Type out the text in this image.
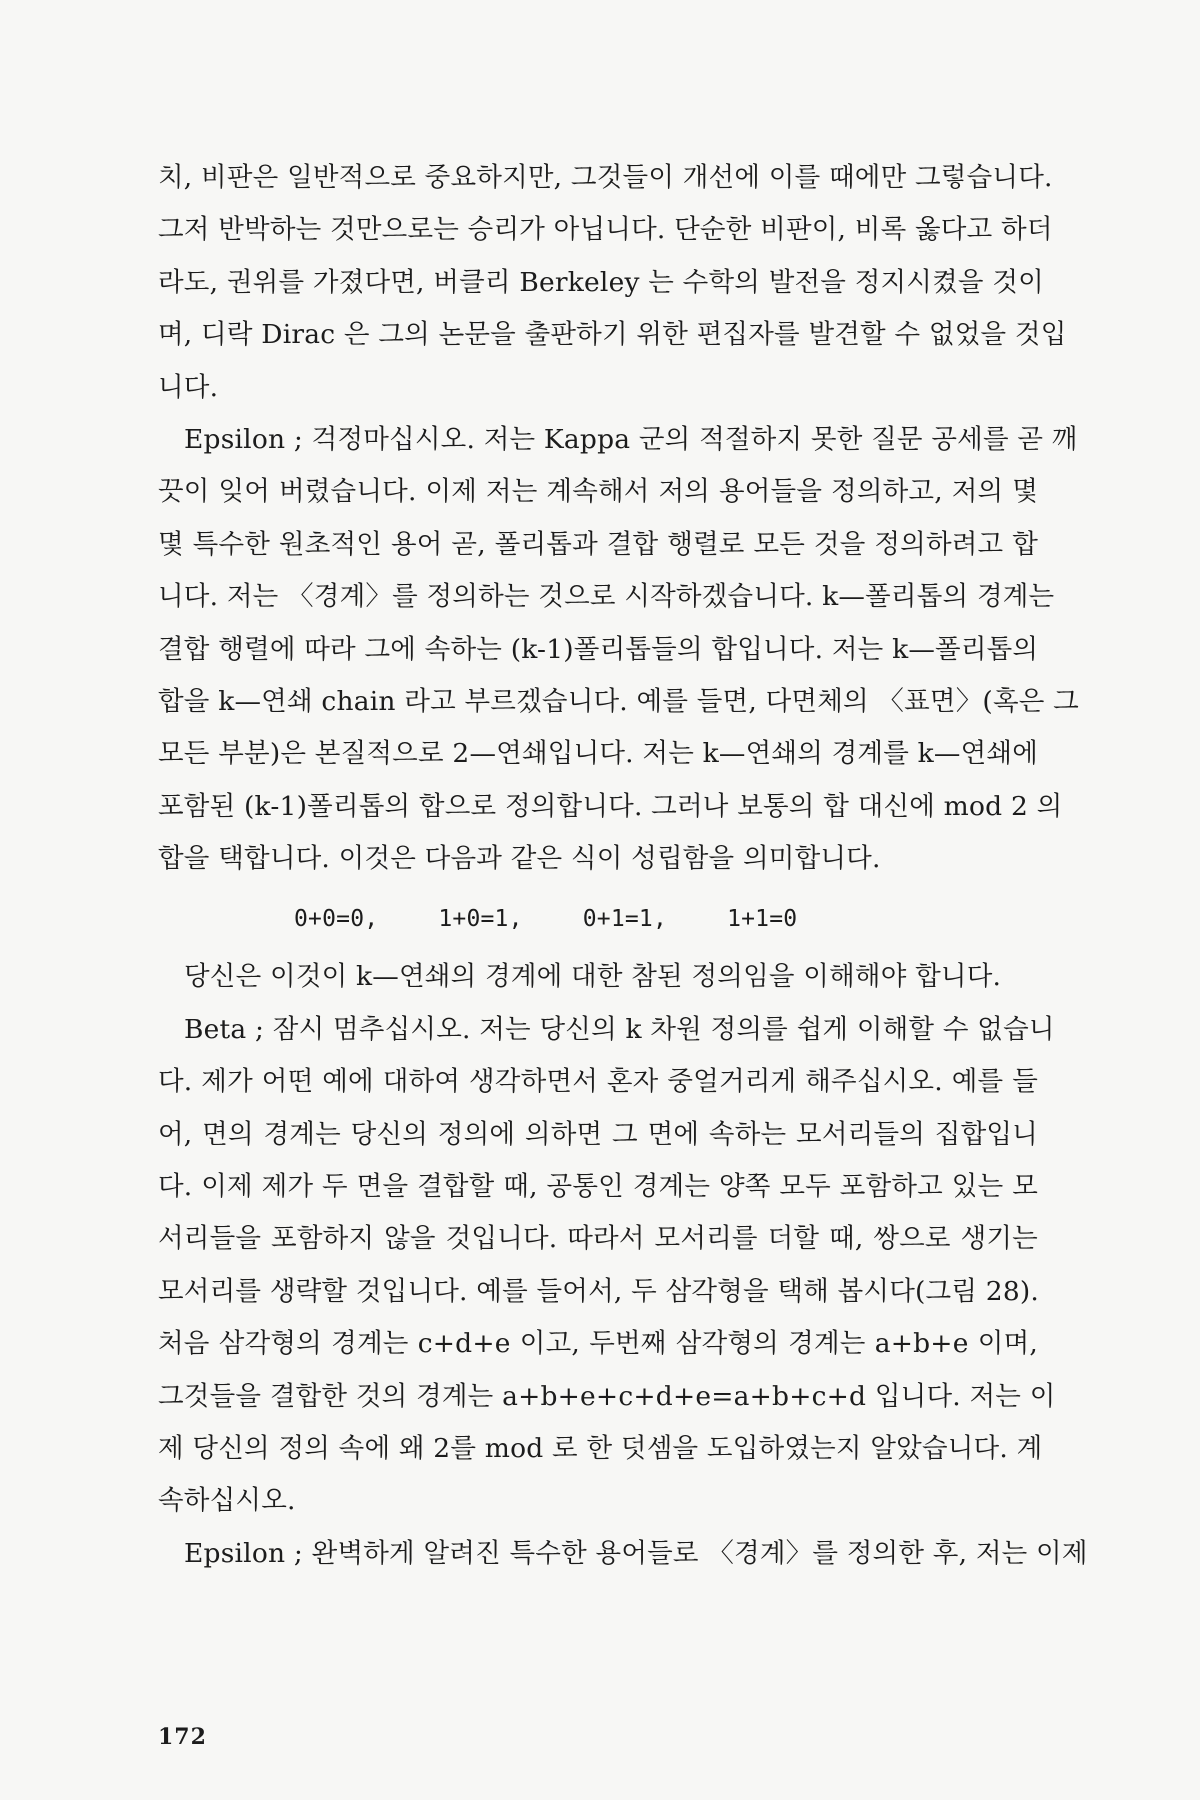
치, 비판은 일반적으로 중요하지만, 그것들이 개선에 이를 때에만 그렇습니다.
그저 반박하는 것만으로는 승리가 아닙니다. 단순한 비판이, 비록 옳다고 하더
라도, 권위를 가졌다면, 버클리 Berkeley 는 수학의 발전을 정지시켰을 것이
며, 디락 Dirac 은 그의 논문을 출판하기 위한 편집자를 발견할 수 없었을 것입
니다.
Epsilon ; 걱정마십시오. 저는 Kappa 군의 적절하지 못한 질문 공세를 곧 깨
끗이 잊어 버렸습니다. 이제 저는 계속해서 저의 용어들을 정의하고, 저의 몇
몇 특수한 원초적인 용어 곧, 폴리톱과 결합 행렬로 모든 것을 정의하려고 합
니다. 저는 〈경계〉를 정의하는 것으로 시작하겠습니다. k—폴리톱의 경계는
결합 행렬에 따라 그에 속하는 (k-1)폴리톱들의 합입니다. 저는 k—폴리톱의
합을 k—연쇄 chain 라고 부르겠습니다. 예를 들면, 다면체의 〈표면〉(혹은 그
모든 부분)은 본질적으로 2—연쇄입니다. 저는 k—연쇄의 경계를 k—연쇄에
포함된 (k-1)폴리톱의 합으로 정의합니다. 그러나 보통의 합 대신에 mod 2 의
합을 택합니다. 이것은 다음과 같은 식이 성립함을 의미합니다.
0+0=0,	1+0=1,	0+1=1,	1+1=0
당신은 이것이 k—연쇄의 경계에 대한 참된 정의임을 이해해야 합니다.
Beta ; 잠시 멈추십시오. 저는 당신의 k 차원 정의를 쉽게 이해할 수 없습니
다. 제가 어떤 예에 대하여 생각하면서 혼자 중얼거리게 해주십시오. 예를 들
어, 면의 경계는 당신의 정의에 의하면 그 면에 속하는 모서리들의 집합입니
다. 이제 제가 두 면을 결합할 때, 공통인 경계는 양쪽 모두 포함하고 있는 모
서리들을 포함하지 않을 것입니다. 따라서 모서리를 더할 때, 쌍으로 생기는
모서리를 생략할 것입니다. 예를 들어서, 두 삼각형을 택해 봅시다(그림 28).
처음 삼각형의 경계는 c+d+e 이고, 두번째 삼각형의 경계는 a+b+e 이며,
그것들을 결합한 것의 경계는 a+b+e+c+d+e=a+b+c+d 입니다. 저는 이
제 당신의 정의 속에 왜 2를 mod 로 한 덧셈을 도입하였는지 알았습니다. 계
속하십시오.
Epsilon ; 완벽하게 알려진 특수한 용어들로 〈경계〉를 정의한 후, 저는 이제
172
